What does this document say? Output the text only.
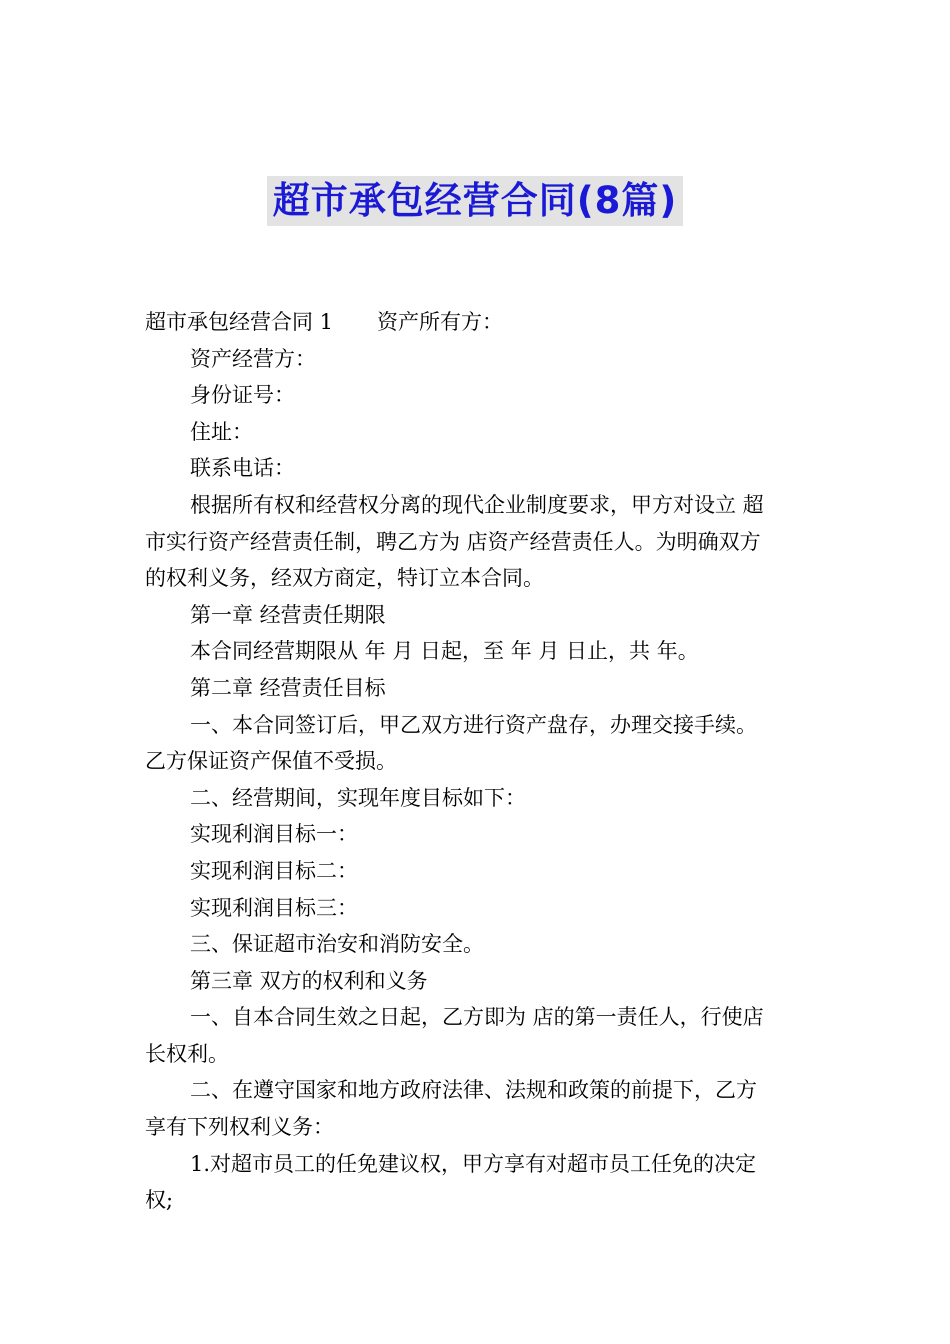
超市承包经营合同(8篇)
超市承包经营合同 1 资产所有方：
资产经营方：
身份证号：
住址：
联系电话：
根据所有权和经营权分离的现代企业制度要求，甲方对设立 超
市实行资产经营责任制，聘乙方为 店资产经营责任人。为明确双方
的权利义务，经双方商定，特订立本合同。
第一章 经营责任期限
本合同经营期限从 年 月 日起，至 年 月 日止，共 年。
第二章 经营责任目标
一、本合同签订后，甲乙双方进行资产盘存，办理交接手续。
乙方保证资产保值不受损。
二、经营期间，实现年度目标如下：
实现利润目标一：
实现利润目标二：
实现利润目标三：
三、保证超市治安和消防安全。
第三章 双方的权利和义务
一、自本合同生效之日起，乙方即为 店的第一责任人，行使店
长权利。
二、在遵守国家和地方政府法律、法规和政策的前提下，乙方
享有下列权利义务：
1.对超市员工的任免建议权，甲方享有对超市员工任免的决定
权;
